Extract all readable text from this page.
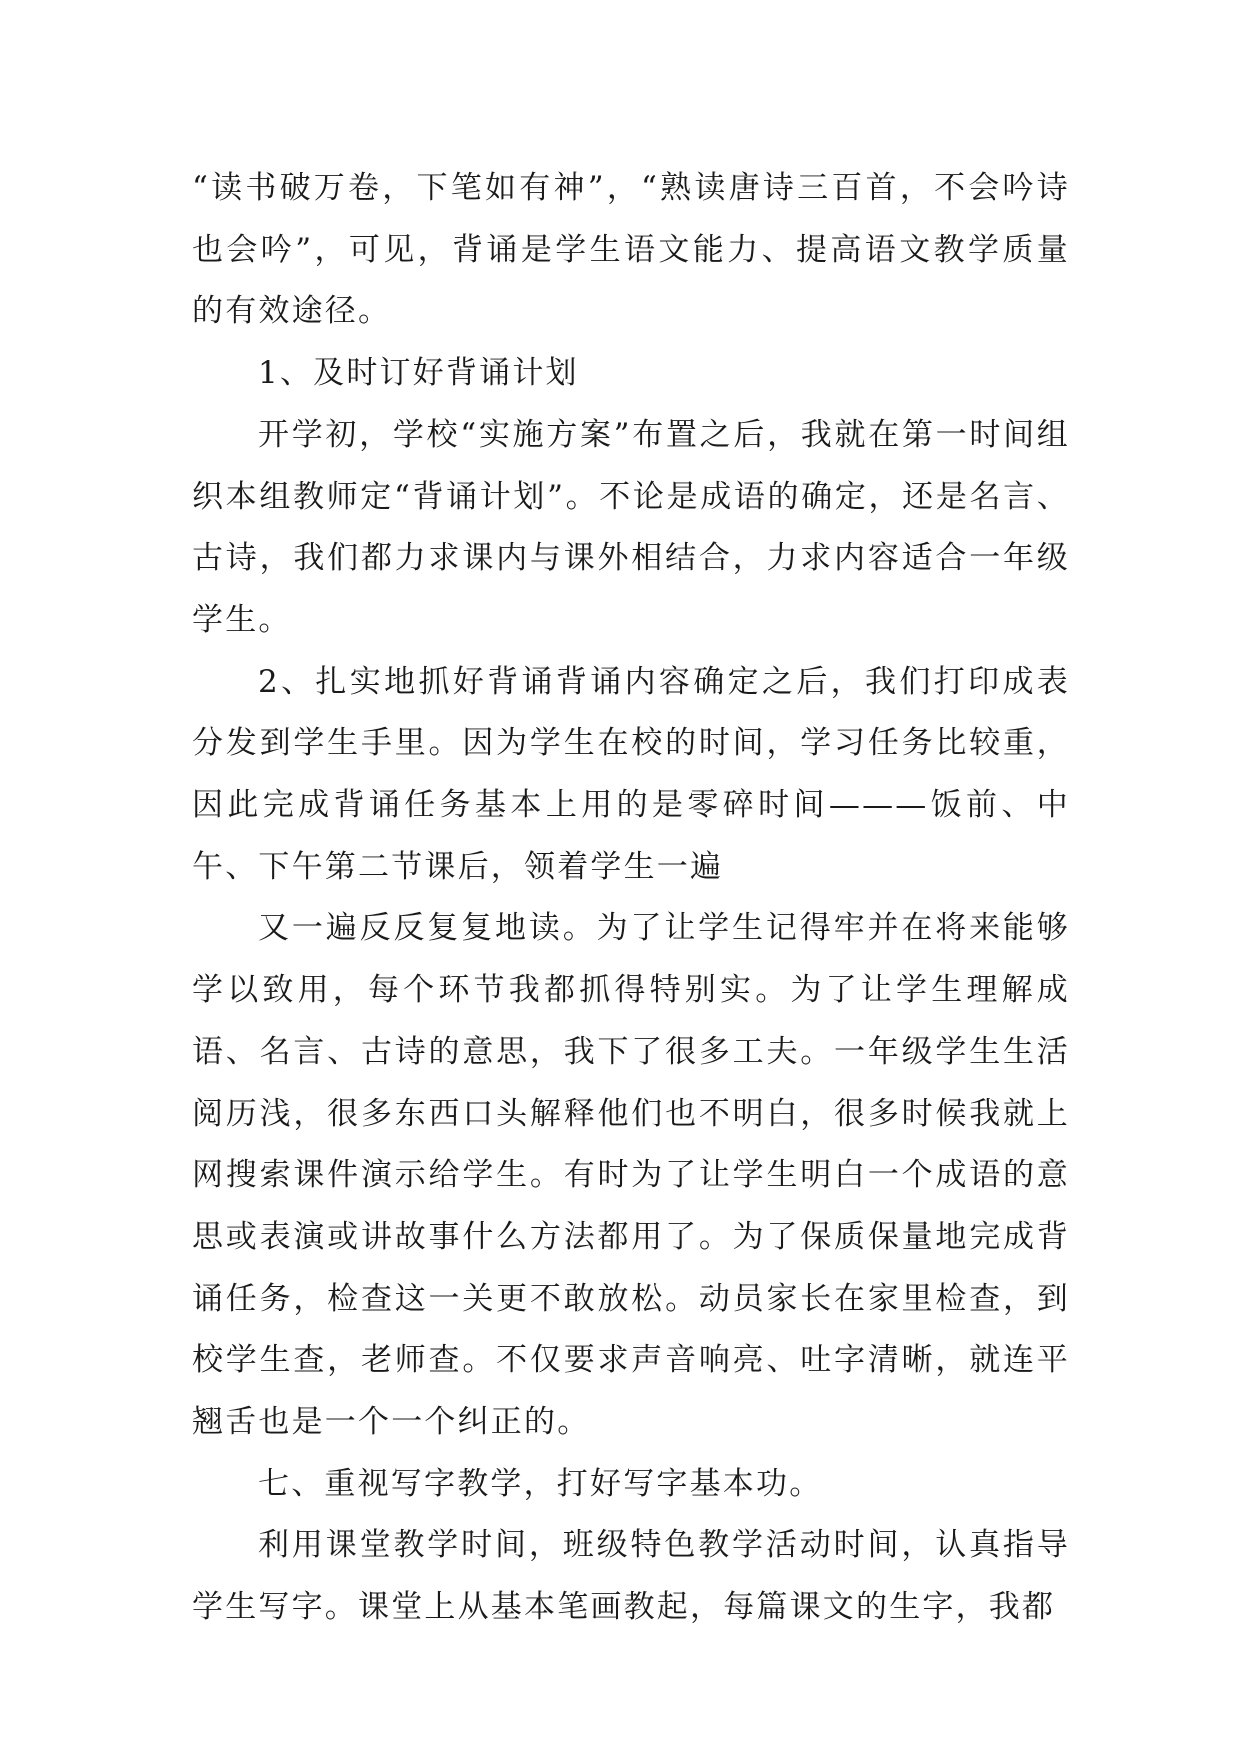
“读书破万卷，下笔如有神”，“熟读唐诗三百首，不会吟诗也会吟”，可见，背诵是学生语文能力、提高语文教学质量的有效途径。

1、及时订好背诵计划

开学初，学校“实施方案”布置之后，我就在第一时间组织本组教师定“背诵计划”。不论是成语的确定，还是名言、古诗，我们都力求课内与课外相结合，力求内容适合一年级学生。

2、扎实地抓好背诵背诵内容确定之后，我们打印成表分发到学生手里。因为学生在校的时间，学习任务比较重，因此完成背诵任务基本上用的是零碎时间———饭前、中午、下午第二节课后，领着学生一遍

又一遍反反复复地读。为了让学生记得牢并在将来能够学以致用，每个环节我都抓得特别实。为了让学生理解成语、名言、古诗的意思，我下了很多工夫。一年级学生生活阅历浅，很多东西口头解释他们也不明白，很多时候我就上网搜索课件演示给学生。有时为了让学生明白一个成语的意思或表演或讲故事什么方法都用了。为了保质保量地完成背诵任务，检查这一关更不敢放松。动员家长在家里检查，到校学生查，老师查。不仅要求声音响亮、吐字清晰，就连平翘舌也是一个一个纠正的。

七、重视写字教学，打好写字基本功。

利用课堂教学时间，班级特色教学活动时间，认真指导学生写字。课堂上从基本笔画教起，每篇课文的生字，我都
